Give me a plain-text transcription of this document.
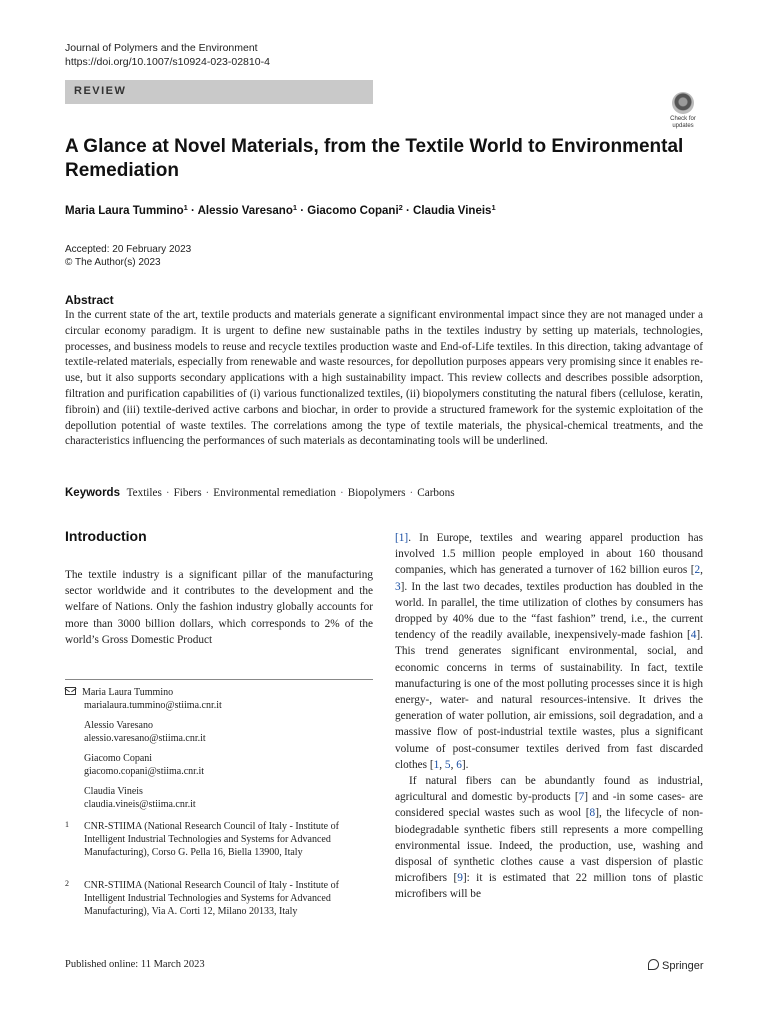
Journal of Polymers and the Environment
https://doi.org/10.1007/s10924-023-02810-4
REVIEW
Check for
updates
A Glance at Novel Materials, from the Textile World to Environmental Remediation
Maria Laura Tummino$^1$ · Alessio Varesano$^1$ · Giacomo Copani$^2$ · Claudia Vineis$^1$
Accepted: 20 February 2023
© The Author(s) 2023
Abstract

In the current state of the art, textile products and materials generate a significant environmental impact since they are not managed under a circular economy paradigm. It is urgent to define new sustainable paths in the textiles industry by setting up materials, technologies, processes, and business models to reuse and recycle textiles production waste and End-of-Life textiles. In this direction, taking advantage of textile-related materials, especially from renewable and waste resources, for depollution purposes appears very promising since it enables re-use, but it also supports secondary applications with a high sustainability impact. This review collects and describes possible adsorption, filtration and purification capabilities of (i) various functionalized textiles, (ii) biopolymers constituting the natural fibers (cellulose, keratin, fibroin) and (iii) textile-derived active carbons and biochar, in order to provide a structured framework for the systemic exploitation of the depollution potential of waste textiles. The correlations among the type of textile materials, the physical-chemical treatments, and the characteristics influencing the performances of such materials as decontaminating tools will be underlined.

Keywords Textiles · Fibers · Environmental remediation · Biopolymers · Carbons
Introduction

The textile industry is a significant pillar of the manufacturing sector worldwide and it contributes to the development and the welfare of Nations. Only the fashion industry globally accounts for more than 3000 billion dollars, which corresponds to 2% of the world’s Gross Domestic Product

Maria Laura Tummino
marialaura.tummino@stiima.cnr.it
Alessio Varesano
alessio.varesano@stiima.cnr.it
Giacomo Copani
giacomo.copani@stiima.cnr.it
Claudia Vineis
claudia.vineis@stiima.cnr.it
1 CNR-STIIMA (National Research Council of Italy - Institute of Intelligent Industrial Technologies and Systems for Advanced Manufacturing), Corso G. Pella 16, Biella 13900, Italy
2 CNR-STIIMA (National Research Council of Italy - Institute of Intelligent Industrial Technologies and Systems for Advanced Manufacturing), Via A. Corti 12, Milano 20133, Italy

[1]. In Europe, textiles and wearing apparel production has involved 1.5 million people employed in about 160 thousand companies, which has generated a turnover of 162 billion euros [2, 3]. In the last two decades, textiles production has doubled in the world. In parallel, the time utilization of clothes by consumers has dropped by 40% due to the “fast fashion” trend, i.e., the current tendency of the readily available, inexpensively-made fashion [4]. This trend generates significant environmental, social, and economic concerns in terms of sustainability. In fact, textile manufacturing is one of the most polluting processes since it is high energy-, water- and natural resources-intensive. It drives the generation of water pollution, air emissions, soil degradation, and a massive flow of post-industrial textile wastes, plus a significant volume of post-consumer textiles derived from fast discarded clothes [1, 5, 6].

If natural fibers can be abundantly found as industrial, agricultural and domestic by-products [7] and -in some cases- are considered special wastes such as wool [8], the lifecycle of non-biodegradable synthetic fibers still represents a more compelling environmental issue. Indeed, the production, use, washing and disposal of synthetic clothes cause a vast dispersion of plastic microfibers [9]: it is estimated that 22 million tons of plastic microfibers will be

Published online: 11 March 2023	Springer
